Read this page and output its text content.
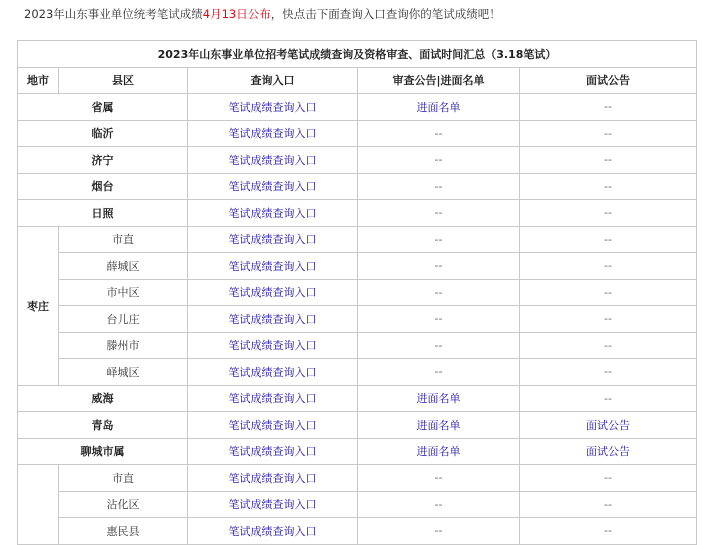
2023年山东事业单位统考笔试成绩4月13日公布，快点击下面查询入口查询你的笔试成绩吧！
2023年山东事业单位招考笔试成绩查询及资格审查、面试时间汇总（3.18笔试）				
地市	县区	查询入口	审查公告|进面名单	面试公告
省属		笔试成绩查询入口	进面名单	--
临沂		笔试成绩查询入口	--	--
济宁		笔试成绩查询入口	--	--
烟台		笔试成绩查询入口	--	--
日照		笔试成绩查询入口	--	--
枣庄	市直	笔试成绩查询入口	--	--
	薛城区	笔试成绩查询入口	--	--
	市中区	笔试成绩查询入口	--	--
	台儿庄	笔试成绩查询入口	--	--
	滕州市	笔试成绩查询入口	--	--
	峄城区	笔试成绩查询入口	--	--
威海		笔试成绩查询入口	进面名单	--
青岛		笔试成绩查询入口	进面名单	面试公告
聊城市属		笔试成绩查询入口	进面名单	面试公告
	市直	笔试成绩查询入口	--	--
	沾化区	笔试成绩查询入口	--	--
	惠民县	笔试成绩查询入口	--	--
